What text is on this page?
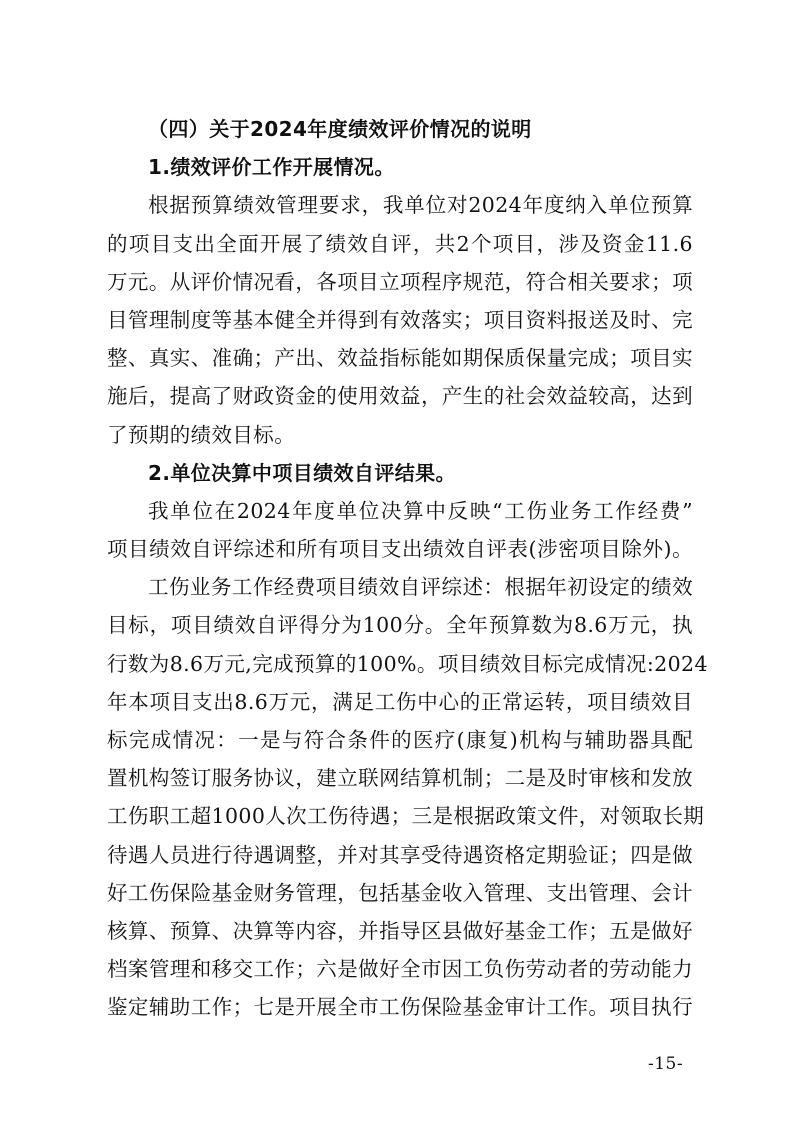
（四）关于2024年度绩效评价情况的说明
1.绩效评价工作开展情况。
根据预算绩效管理要求，我单位对2024年度纳入单位预算
的项目支出全面开展了绩效自评，共2个项目，涉及资金11.6
万元。从评价情况看，各项目立项程序规范，符合相关要求；项
目管理制度等基本健全并得到有效落实；项目资料报送及时、完
整、真实、准确；产出、效益指标能如期保质保量完成；项目实
施后，提高了财政资金的使用效益，产生的社会效益较高，达到
了预期的绩效目标。
2.单位决算中项目绩效自评结果。
我单位在2024年度单位决算中反映“工伤业务工作经费”
项目绩效自评综述和所有项目支出绩效自评表(涉密项目除外)。
工伤业务工作经费项目绩效自评综述：根据年初设定的绩效
目标，项目绩效自评得分为100分。全年预算数为8.6万元，执
行数为8.6万元,完成预算的100%。项目绩效目标完成情况:2024
年本项目支出8.6万元，满足工伤中心的正常运转，项目绩效目
标完成情况：一是与符合条件的医疗(康复)机构与辅助器具配
置机构签订服务协议，建立联网结算机制；二是及时审核和发放
工伤职工超1000人次工伤待遇；三是根据政策文件，对领取长期
待遇人员进行待遇调整，并对其享受待遇资格定期验证；四是做
好工伤保险基金财务管理，包括基金收入管理、支出管理、会计
核算、预算、决算等内容，并指导区县做好基金工作；五是做好
档案管理和移交工作；六是做好全市因工负伤劳动者的劳动能力
鉴定辅助工作；七是开展全市工伤保险基金审计工作。项目执行
-15-
